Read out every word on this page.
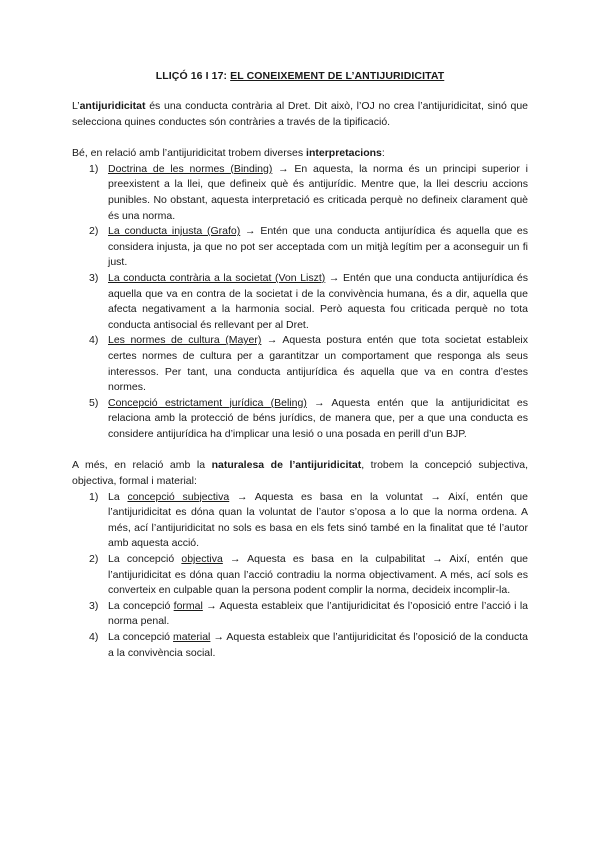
LLIÇÓ 16 I 17: EL CONEIXEMENT DE L’ANTIJURIDICITAT

L’antijuridicitat és una conducta contrària al Dret. Dit això, l’OJ no crea l’antijuridicitat, sinó que selecciona quines conductes són contràries a través de la tipificació.

Bé, en relació amb l’antijuridicitat trobem diverses interpretacions:

1) Doctrina de les normes (Binding) → En aquesta, la norma és un principi superior i preexistent a la llei, que defineix què és antijurídic. Mentre que, la llei descriu accions punibles. No obstant, aquesta interpretació es criticada perquè no defineix clarament què és una norma.
2) La conducta injusta (Grafo) → Entén que una conducta antijurídica és aquella que es considera injusta, ja que no pot ser acceptada com un mitjà legítim per a aconseguir un fi just.
3) La conducta contrària a la societat (Von Liszt) → Entén que una conducta antijurídica és aquella que va en contra de la societat i de la convivència humana, és a dir, aquella que afecta negativament a la harmonia social. Però aquesta fou criticada perquè no tota conducta antisocial és rellevant per al Dret.
4) Les normes de cultura (Mayer) → Aquesta postura entén que tota societat estableix certes normes de cultura per a garantitzar un comportament que responga als seus interessos. Per tant, una conducta antijurídica és aquella que va en contra d’estes normes.
5) Concepció estrictament jurídica (Beling) → Aquesta entén que la antijuridicitat es relaciona amb la protecció de béns jurídics, de manera que, per a que una conducta es considere antijurídica ha d’implicar una lesió o una posada en perill d’un BJP.

A més, en relació amb la naturalesa de l’antijuridicitat, trobem la concepció subjectiva, objectiva, formal i material:

1) La concepció subjectiva → Aquesta es basa en la voluntat → Així, entén que l’antijuridicitat es dóna quan la voluntat de l’autor s’oposa a lo que la norma ordena. A més, ací l’antijuridicitat no sols es basa en els fets sinó també en la finalitat que té l’autor amb aquesta acció.
2) La concepció objectiva → Aquesta es basa en la culpabilitat → Així, entén que l’antijuridicitat es dóna quan l’acció contradiu la norma objectivament. A més, ací sols es converteix en culpable quan la persona podent complir la norma, decideix incomplir-la.
3) La concepció formal → Aquesta estableix que l’antijuridicitat és l’oposició entre l’acció i la norma penal.
4) La concepció material → Aquesta estableix que l’antijuridicitat és l’oposició de la conducta a la convivència social.
